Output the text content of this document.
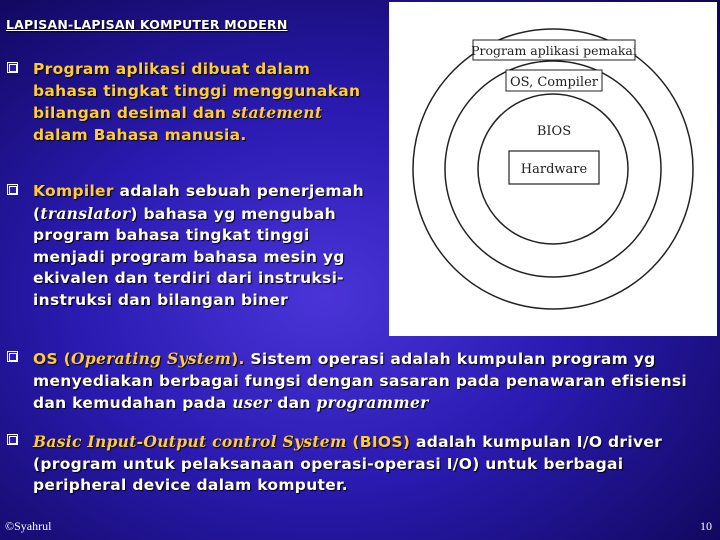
LAPISAN-LAPISAN KOMPUTER MODERN
Program aplikasi dibuat dalam bahasa tingkat tinggi menggunakan bilangan desimal dan statement dalam Bahasa manusia.
Kompiler adalah sebuah penerjemah (translator) bahasa yg mengubah program bahasa tingkat tinggi menjadi program bahasa mesin yg ekivalen dan terdiri dari instruksi-instruksi dan bilangan biner
OS (Operating System). Sistem operasi adalah kumpulan program yg menyediakan berbagai fungsi dengan sasaran pada penawaran efisiensi dan kemudahan pada user dan programmer
Basic Input-Output control System (BIOS) adalah kumpulan I/O driver (program untuk pelaksanaan operasi-operasi I/O) untuk berbagai peripheral device dalam komputer.
Program aplikasi pemakai
OS, Compiler
BIOS
Hardware
©Syahrul	10
